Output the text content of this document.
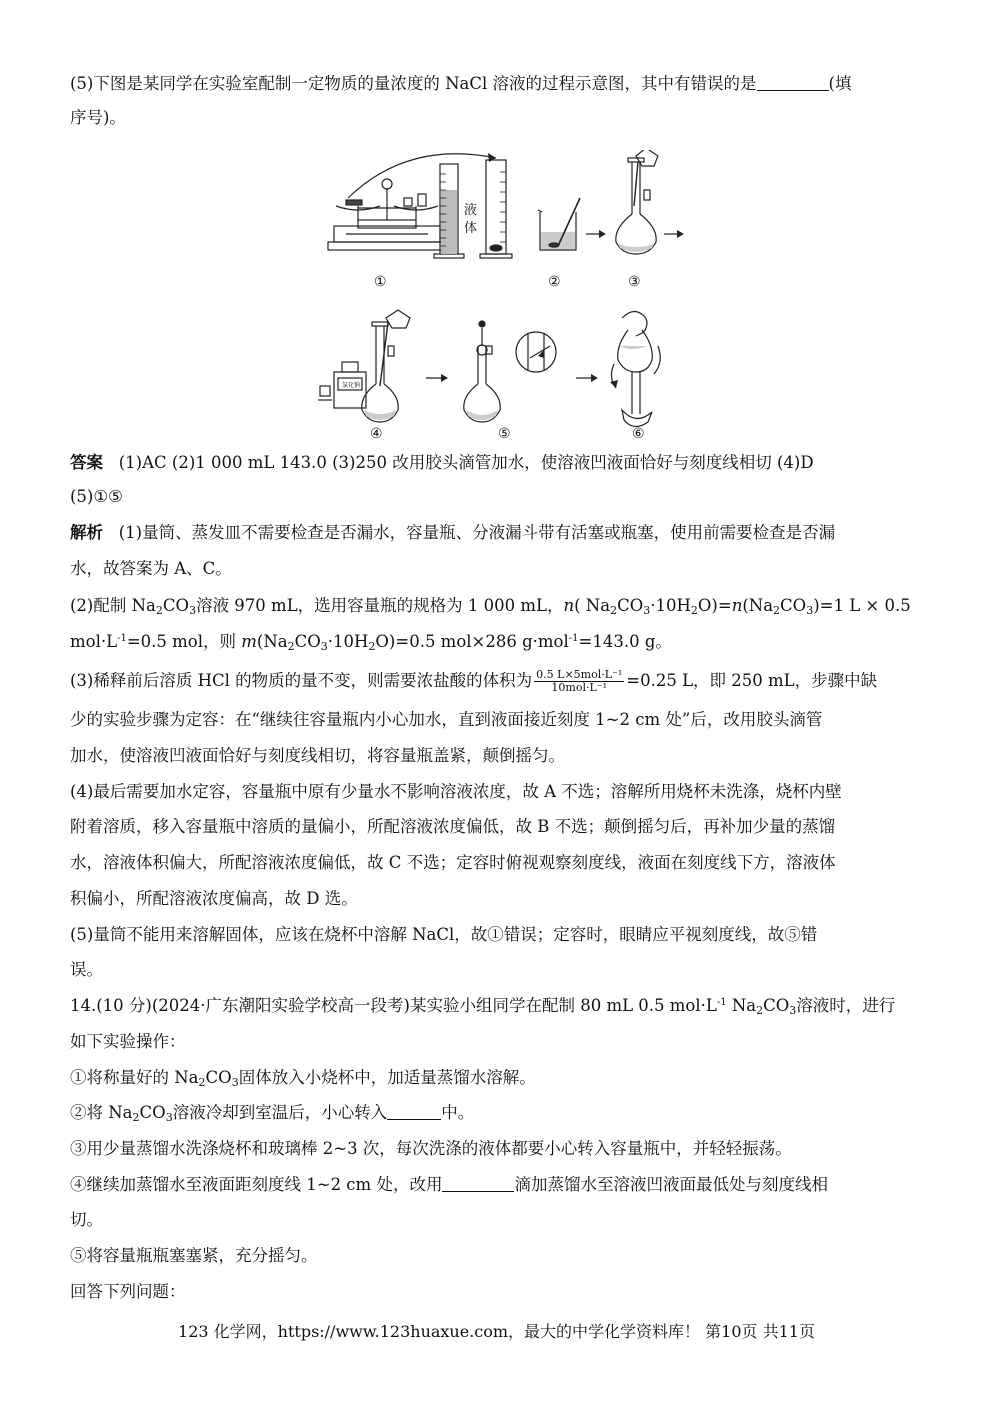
(5)下图是某同学在实验室配制一定物质的量浓度的 NaCl 溶液的过程示意图，其中有错误的是	(填
序号)。
液
体
①	②	③
氯化钠
④	⑤	⑥
答案 (1)AC (2)1 000 mL 143.0 (3)250 改用胶头滴管加水，使溶液凹液面恰好与刻度线相切 (4)D
(5)①⑤
解析 (1)量筒、蒸发皿不需要检查是否漏水，容量瓶、分液漏斗带有活塞或瓶塞，使用前需要检查是否漏
水，故答案为 A、C。
(2)配制 $Na_2CO_3$溶液 970 mL，选用容量瓶的规格为 1 000 mL，n( $Na_2CO_3\cdot 10H_2O)=n(Na_2CO_3)=1$ L × 0.5
$mol\cdot L^{-1}=0.5$ mol，则 $m(Na_2CO_3\cdot 10H_2O)=0.5$ mol×286 g·mol$^{-1}$=143.0 g。
(3)稀释前后溶质 HCl 的物质的量不变，则需要浓盐酸的体积为 $\frac{\text{0.5 L×5mol·L⁻¹}}{\text{10mol·L⁻¹}} =0.25$ L，即 250 mL，步骤中缺
少的实验步骤为定容：在“继续往容量瓶内小心加水，直到液面接近刻度 1~2 cm 处”后，改用胶头滴管
加水，使溶液凹液面恰好与刻度线相切，将容量瓶盖紧，颠倒摇匀。
(4)最后需要加水定容，容量瓶中原有少量水不影响溶液浓度，故 A 不选；溶解所用烧杯未洗涤，烧杯内壁
附着溶质，移入容量瓶中溶质的量偏小，所配溶液浓度偏低，故 B 不选；颠倒摇匀后，再补加少量的蒸馏
水，溶液体积偏大，所配溶液浓度偏低，故 C 不选；定容时俯视观察刻度线，液面在刻度线下方，溶液体
积偏小，所配溶液浓度偏高，故 D 选。
(5)量筒不能用来溶解固体，应该在烧杯中溶解 NaCl，故①错误；定容时，眼睛应平视刻度线，故⑤错
误。
14.(10 分)(2024·广东潮阳实验学校高一段考)某实验小组同学在配制 80 mL 0.5 $mol\cdot L^{-1}$ $Na_2CO_3$溶液时，进行
如下实验操作：
①将称量好的 $Na_2CO_3$固体放入小烧杯中，加适量蒸馏水溶解。
②将 $Na_2CO_3$溶液冷却到室温后，小心转入	中。
③用少量蒸馏水洗涤烧杯和玻璃棒 2~3 次，每次洗涤的液体都要小心转入容量瓶中，并轻轻振荡。
④继续加蒸馏水至液面距刻度线 1~2 cm 处，改用	滴加蒸馏水至溶液凹液面最低处与刻度线相
切。
⑤将容量瓶瓶塞塞紧，充分摇匀。
回答下列问题：
123 化学网，https://www.123huaxue.com，最大的中学化学资料库！ 第10页 共11页
